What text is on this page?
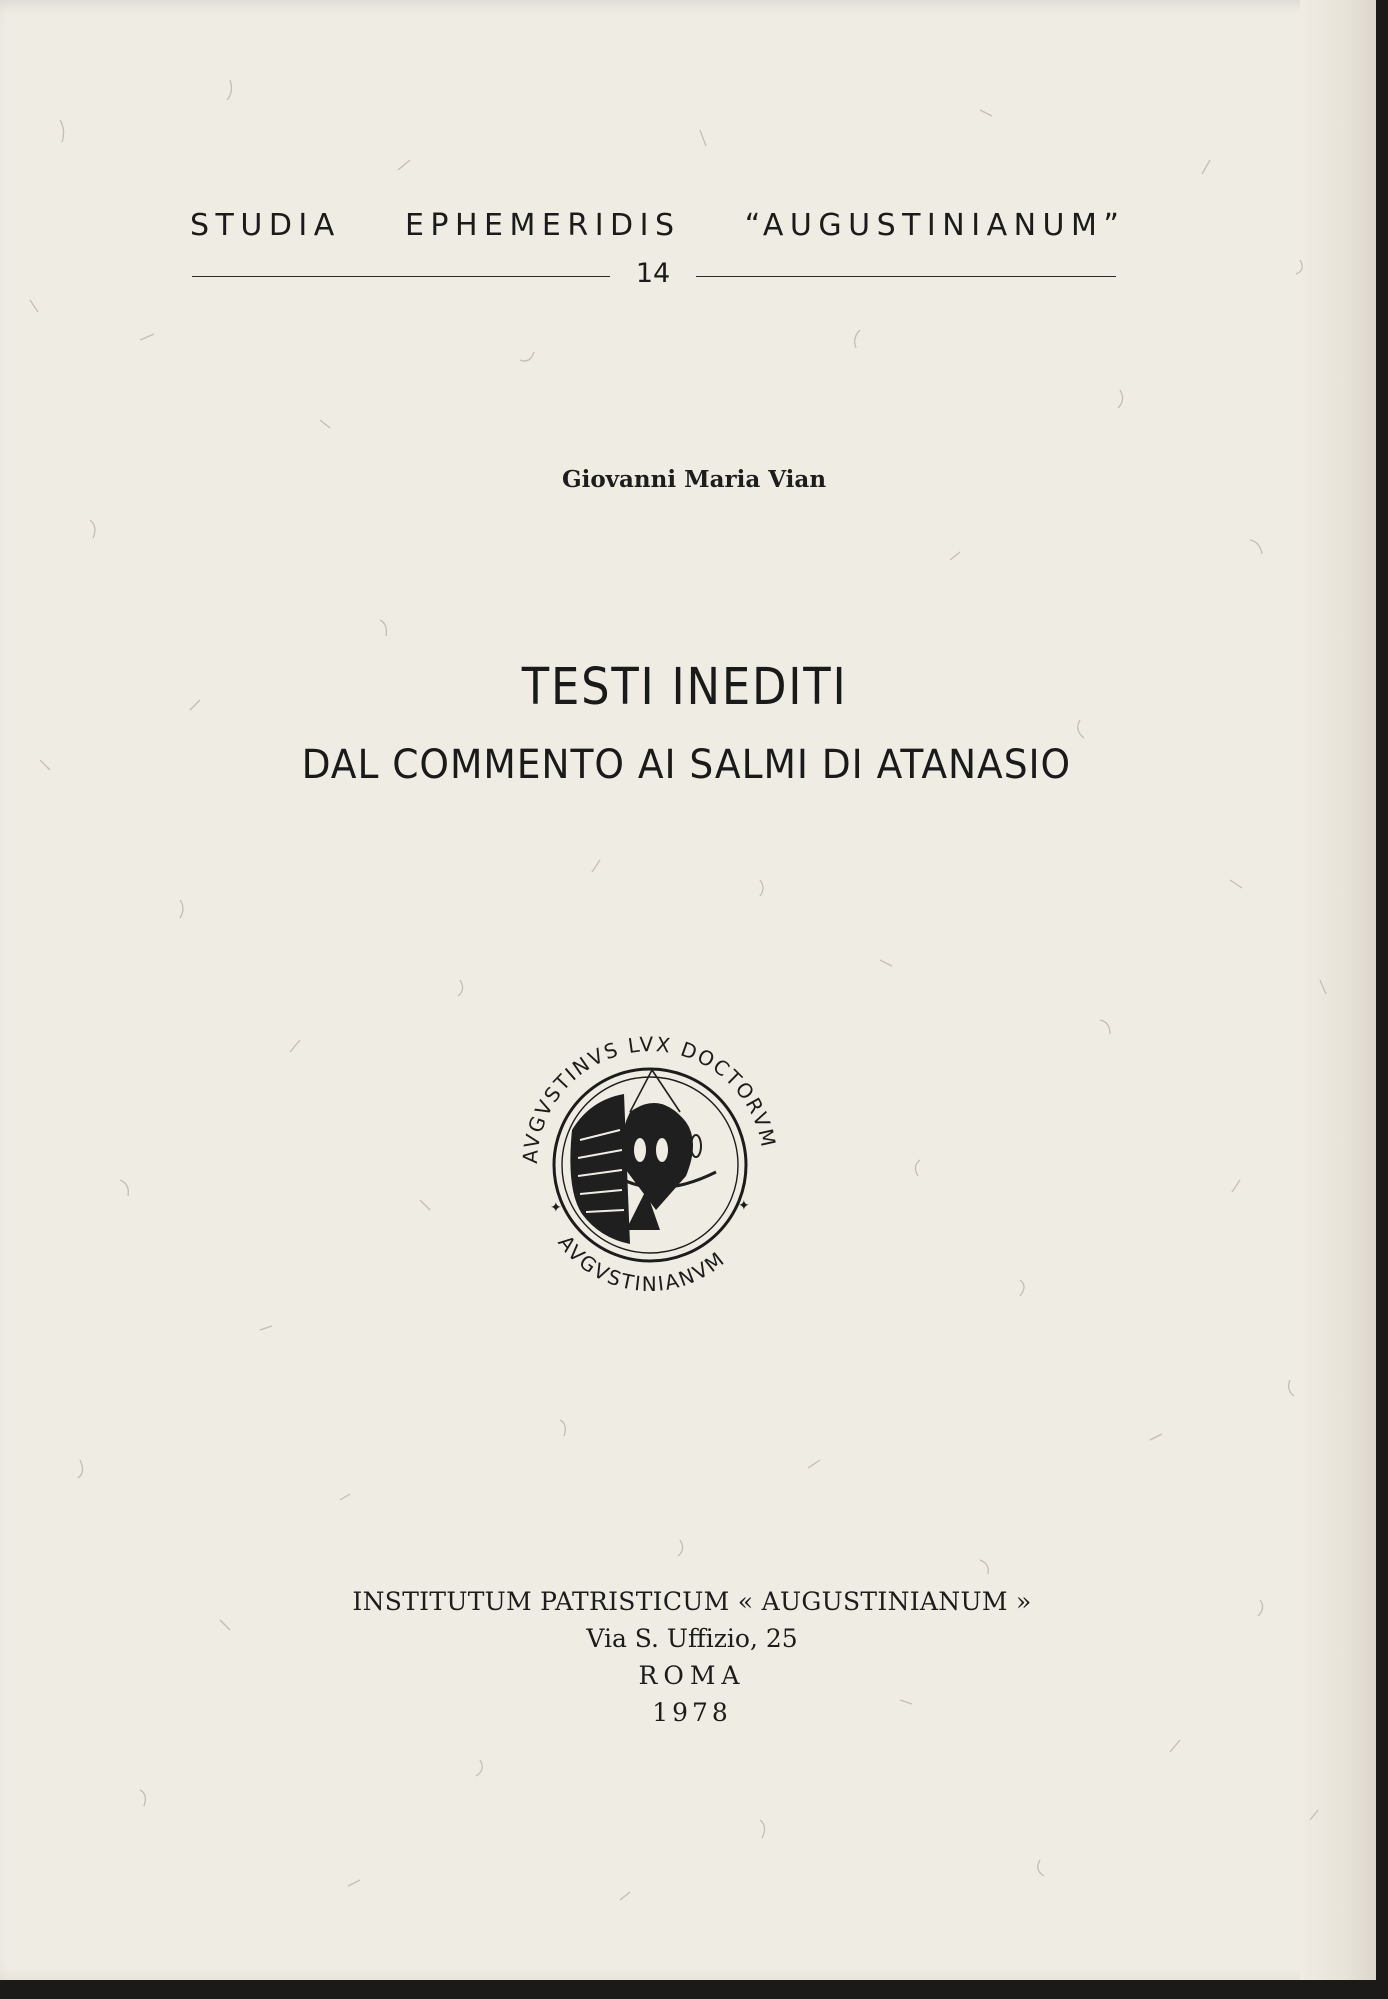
STUDIA EPHEMERIDIS “AUGUSTINIANUM”
14
Giovanni Maria Vian
TESTI INEDITI
DAL COMMENTO AI SALMI DI ATANASIO
AVGVSTINVS LVX DOCTORVM
AVGVSTINIANVM
✦	✦
INSTITUTUM PATRISTICUM « AUGUSTINIANUM »
Via S. Uffizio, 25
ROMA
1978
